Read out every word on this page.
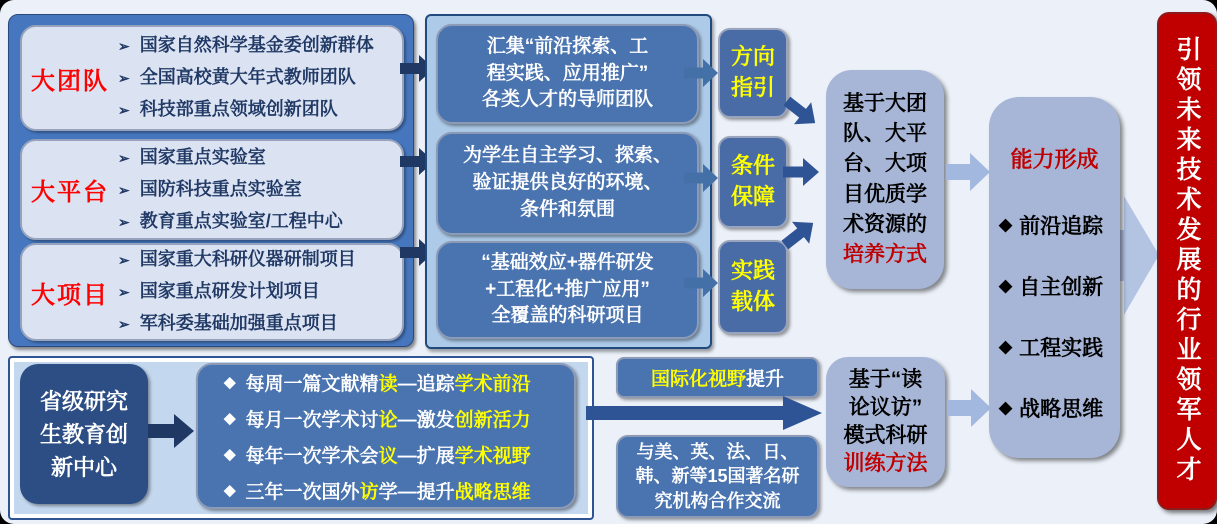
大团队
➢ 国家自然科学基金委创新群体
➢ 全国高校黄大年式教师团队
➢ 科技部重点领域创新团队
大平台
➢ 国家重点实验室
➢ 国防科技重点实验室
➢ 教育重点实验室/工程中心
大项目
➢ 国家重大科研仪器研制项目
➢ 国家重点研发计划项目
➢ 军科委基础加强重点项目
汇集“前沿探索、工
程实践、应用推广”
各类人才的导师团队
为学生自主学习、探索、
验证提供良好的环境、
条件和氛围
“基础效应+器件研发
+工程化+推广应用”
全覆盖的科研项目
方向
指引
条件
保障
实践
载体
基于大团
队、大平
台、大项
目优质学
术资源的
培养方式
能力形成
◆ 前沿追踪
◆ 自主创新
◆ 工程实践
◆ 战略思维	引领未来技术发展的行业领军人才
省级研究
生教育创
新中心
◆ 每周一篇文献精读—追踪学术前沿
◆ 每月一次学术讨论—激发创新活力
◆ 每年一次学术会议—扩展学术视野
◆ 三年一次国外访学—提升战略思维
国际化视野 提升
与美、英、法、日、
韩、新等15国著名研
究机构合作交流
基于“读
论议访”
模式科研
训练方法
